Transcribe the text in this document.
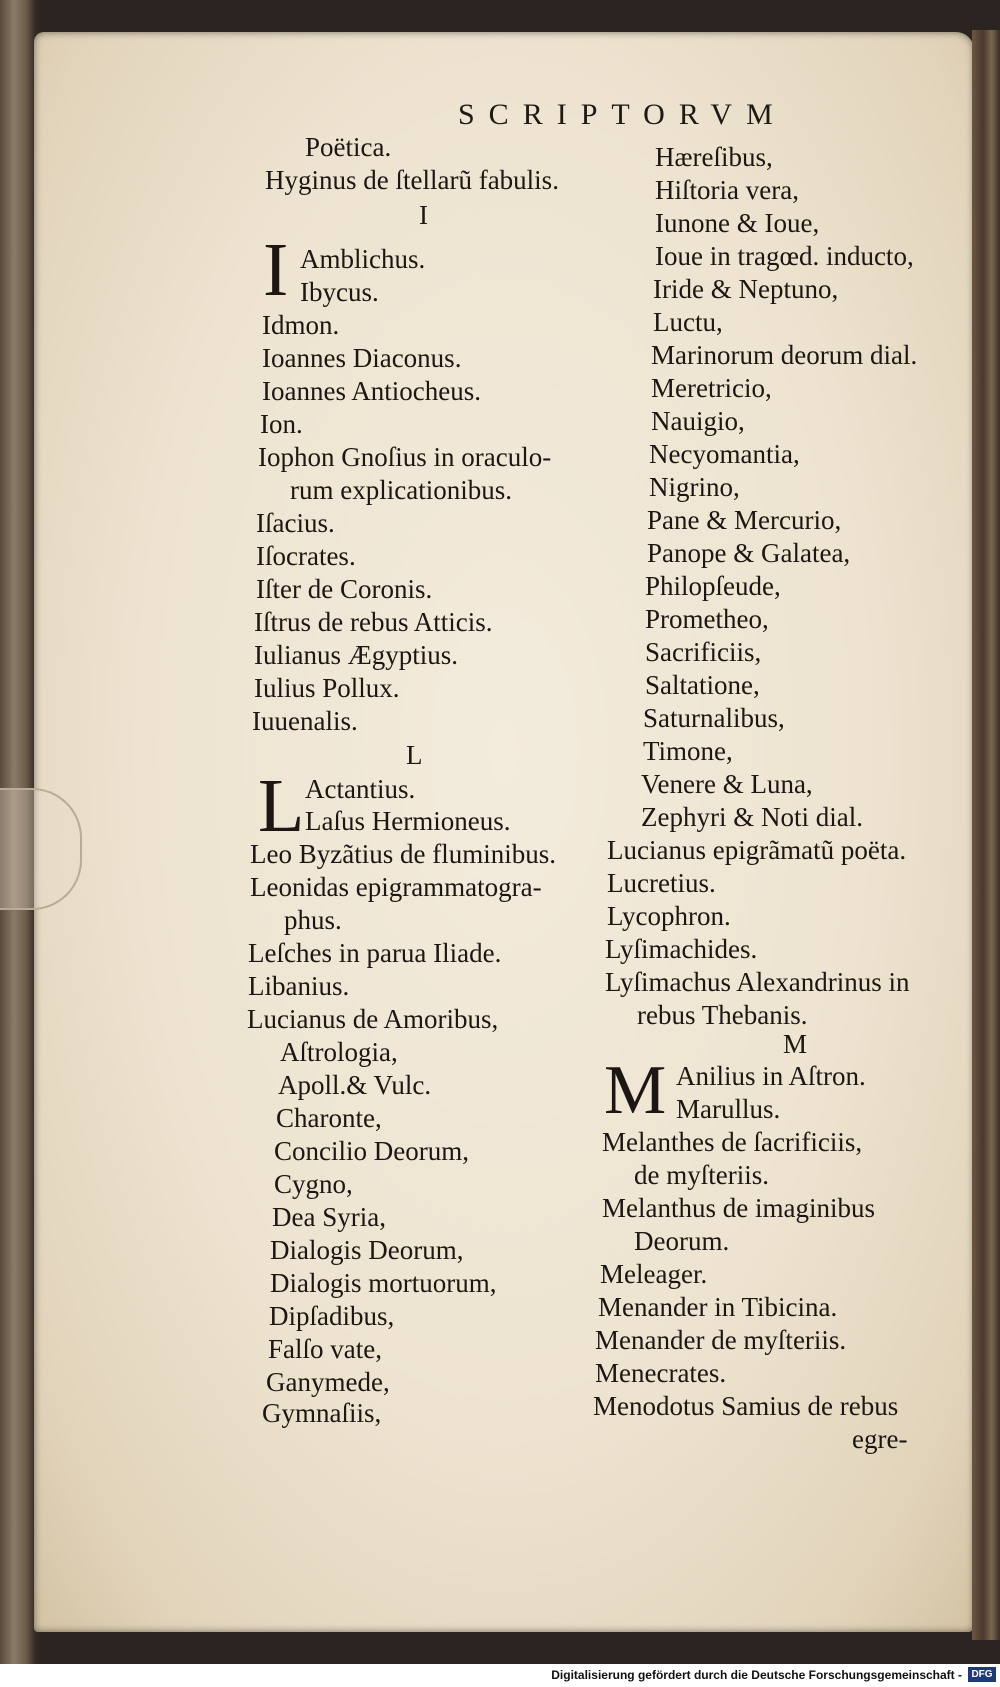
SCRIPTORVM
Poëtica.
Hyginus de ſtellarũ fabulis.
I
I Amblichus.
Ibycus.
Idmon.
Ioannes Diaconus.
Ioannes Antiocheus.
Ion.
Iophon Gnoſius in oraculo-
rum explicationibus.
Iſacius.
Iſocrates.
Iſter de Coronis.
Iſtrus de rebus Atticis.
Iulianus Ægyptius.
Iulius Pollux.
Iuuenalis.
L
L Actantius.
Laſus Hermioneus.
Leo Byzãtius de fluminibus.
Leonidas epigrammatogra-
phus.
Leſches in parua Iliade.
Libanius.
Lucianus de Amoribus,
Aſtrologia,
Apoll.& Vulc.
Charonte,
Concilio Deorum,
Cygno,
Dea Syria,
Dialogis Deorum,
Dialogis mortuorum,
Dipſadibus,
Falſo vate,
Ganymede,
Gymnaſiis,
Hæreſibus,
Hiſtoria vera,
Iunone & Ioue,
Ioue in tragœd. inducto,
Iride & Neptuno,
Luctu,
Marinorum deorum dial.
Meretricio,
Nauigio,
Necyomantia,
Nigrino,
Pane & Mercurio,
Panope & Galatea,
Philopſeude,
Prometheo,
Sacrificiis,
Saltatione,
Saturnalibus,
Timone,
Venere & Luna,
Zephyri & Noti dial.
Lucianus epigrãmatũ poëta.
Lucretius.
Lycophron.
Lyſimachides.
Lyſimachus Alexandrinus in
rebus Thebanis.
M
M Anilius in Aſtron.
Marullus.
Melanthes de ſacrificiis,
de myſteriis.
Melanthus de imaginibus
Deorum.
Meleager.
Menander in Tibicina.
Menander de myſteriis.
Menecrates.
Menodotus Samius de rebus
egre-
Digitalisierung gefördert durch die Deutsche Forschungsgemeinschaft - DFG
